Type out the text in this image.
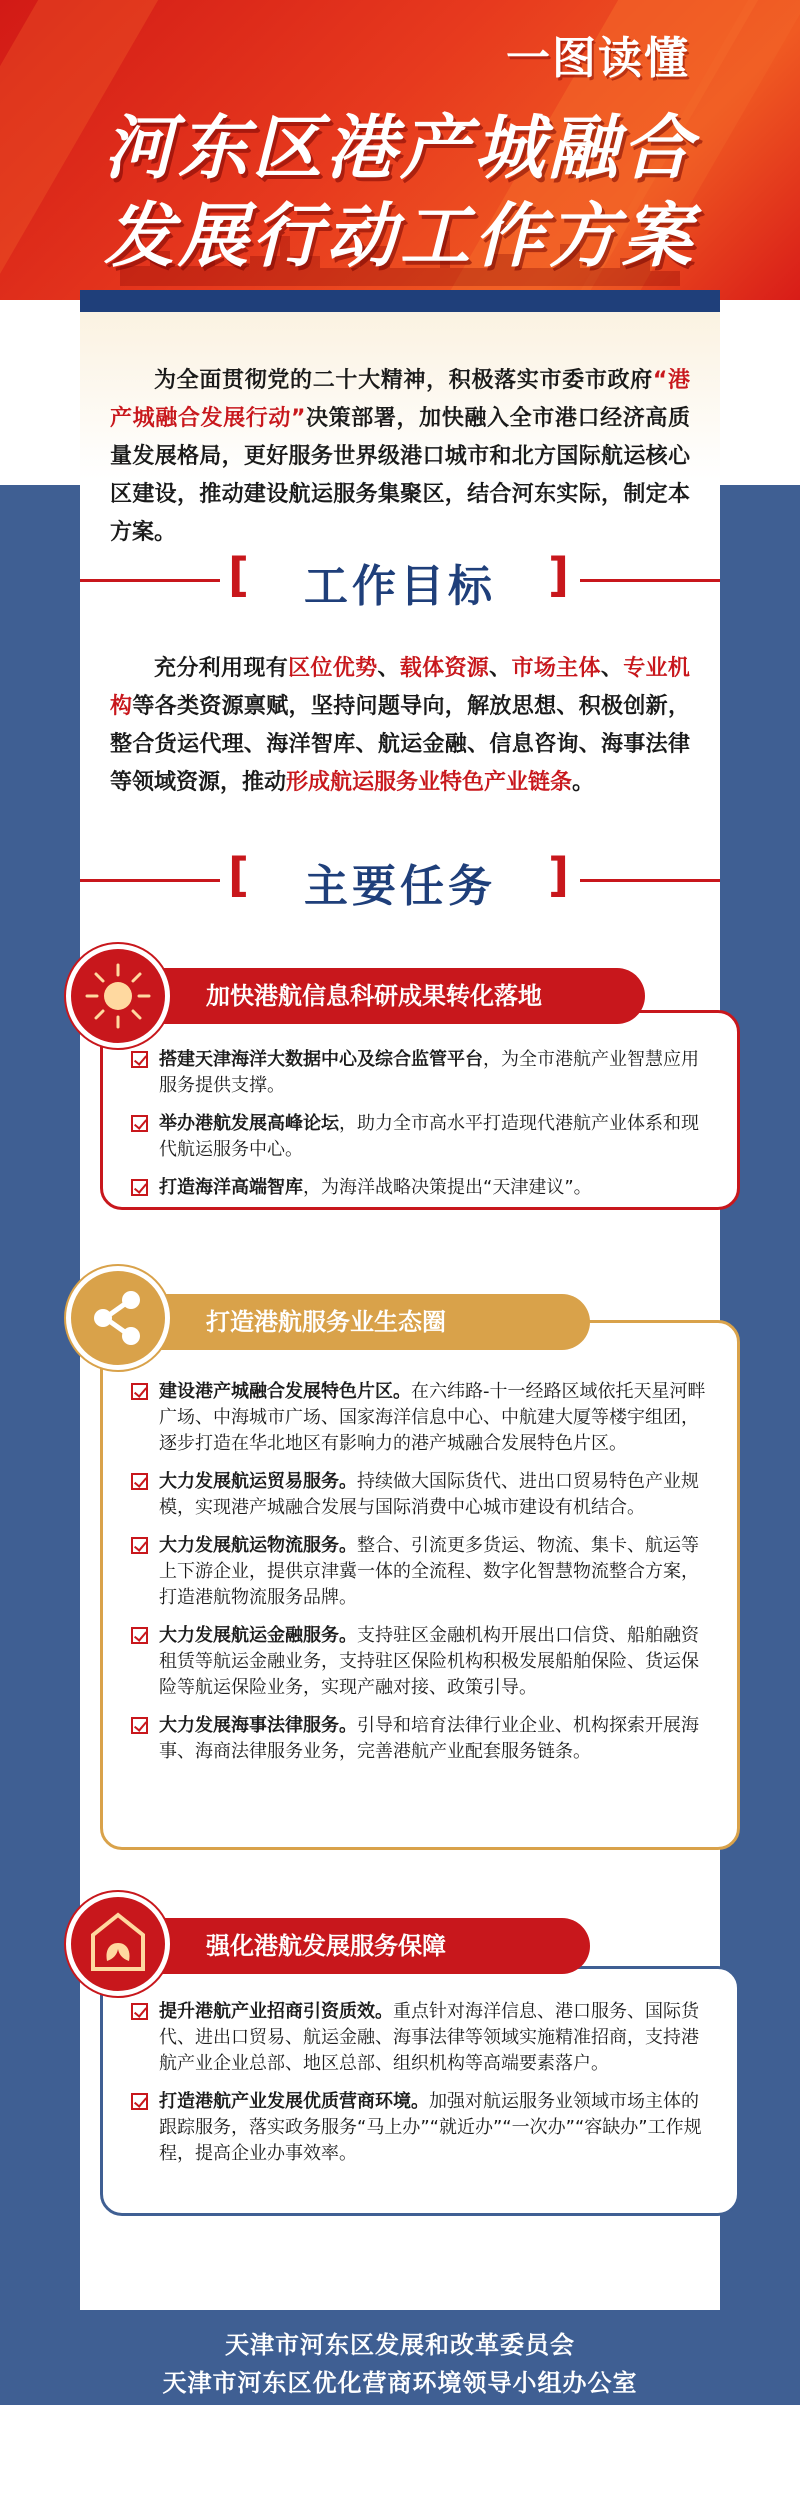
一图读懂
河东区港产城融合
发展行动工作方案
为全面贯彻党的二十大精神，积极落实市委市政府“港产城融合发展行动”决策部署，加快融入全市港口经济高质量发展格局，更好服务世界级港口城市和北方国际航运核心区建设，推动建设航运服务集聚区，结合河东实际，制定本方案。
[	]
工作目标
充分利用现有区位优势、载体资源、市场主体、专业机构等各类资源禀赋，坚持问题导向，解放思想、积极创新，整合货运代理、海洋智库、航运金融、信息咨询、海事法律等领域资源，推动形成航运服务业特色产业链条。
[	]
主要任务
搭建天津海洋大数据中心及综合监管平台，为全市港航产业智慧应用服务提供支撑。
举办港航发展高峰论坛，助力全市高水平打造现代港航产业体系和现代航运服务中心。
打造海洋高端智库，为海洋战略决策提出“天津建议”。
加快港航信息科研成果转化落地
建设港产城融合发展特色片区。在六纬路-十一经路区域依托天星河畔广场、中海城市广场、国家海洋信息中心、中航建大厦等楼宇组团，逐步打造在华北地区有影响力的港产城融合发展特色片区。
大力发展航运贸易服务。持续做大国际货代、进出口贸易特色产业规模，实现港产城融合发展与国际消费中心城市建设有机结合。
大力发展航运物流服务。整合、引流更多货运、物流、集卡、航运等上下游企业，提供京津冀一体的全流程、数字化智慧物流整合方案，打造港航物流服务品牌。
大力发展航运金融服务。支持驻区金融机构开展出口信贷、船舶融资租赁等航运金融业务，支持驻区保险机构积极发展船舶保险、货运保险等航运保险业务，实现产融对接、政策引导。
大力发展海事法律服务。引导和培育法律行业企业、机构探索开展海事、海商法律服务业务，完善港航产业配套服务链条。
打造港航服务业生态圈
提升港航产业招商引资质效。重点针对海洋信息、港口服务、国际货代、进出口贸易、航运金融、海事法律等领域实施精准招商，支持港航产业企业总部、地区总部、组织机构等高端要素落户。
打造港航产业发展优质营商环境。加强对航运服务业领域市场主体的跟踪服务，落实政务服务“马上办”“就近办”“一次办”“容缺办”工作规程，提高企业办事效率。
强化港航发展服务保障
天津市河东区发展和改革委员会
天津市河东区优化营商环境领导小组办公室
